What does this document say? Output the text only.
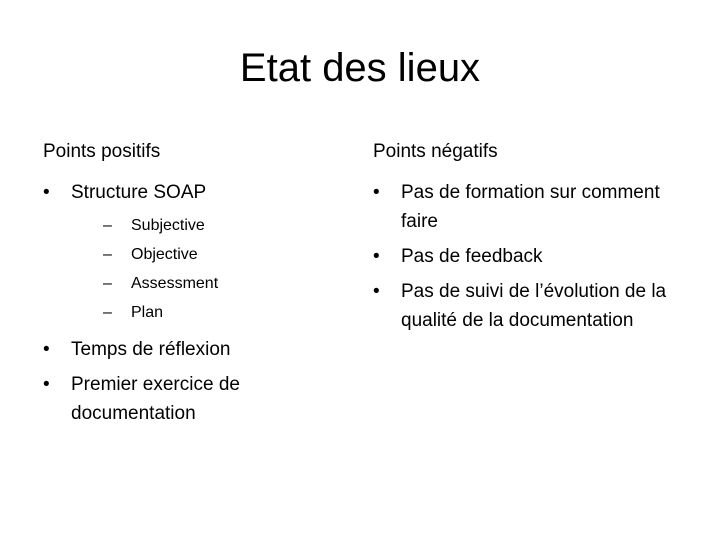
Etat des lieux
Points positifs
•	Structure SOAP
– Subjective
– Objective
– Assessment
– Plan
•	Temps de réflexion
•	Premier exercice de documentation
Points négatifs
•	Pas de formation sur comment faire
•	Pas de feedback
•	Pas de suivi de l’évolution de la qualité de la documentation
